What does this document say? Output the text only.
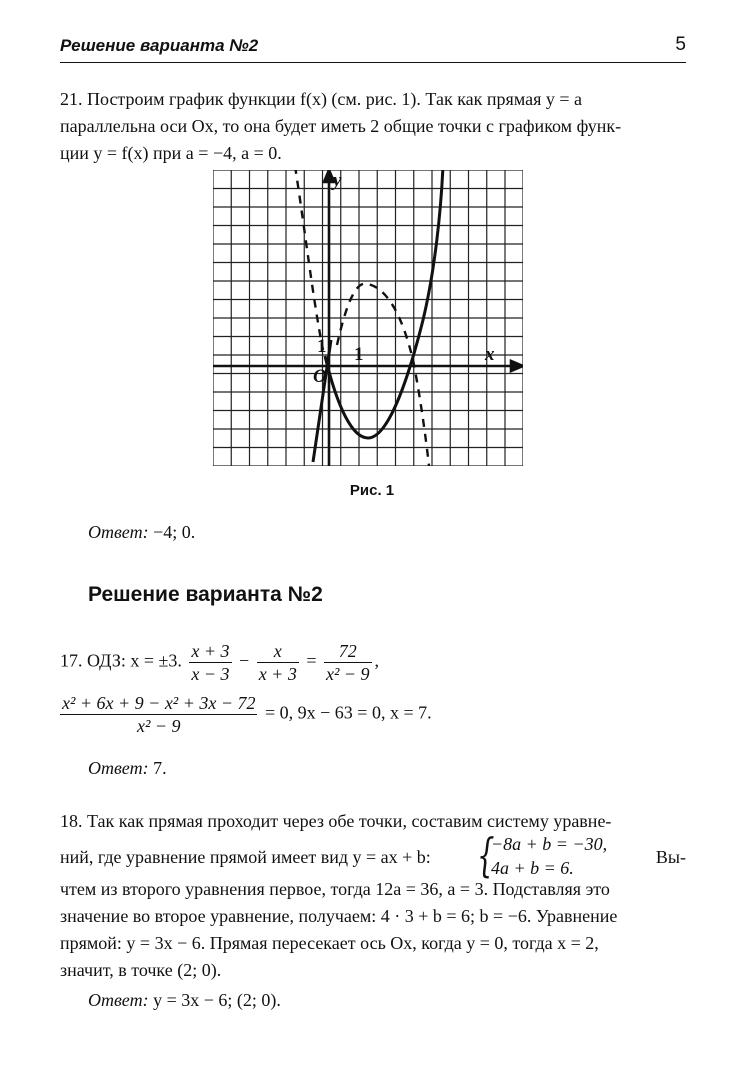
Решение варианта №2	5
21. Построим график функции f(x) (см. рис. 1). Так как прямая y = a
параллельна оси Ox, то она будет иметь 2 общие точки с графиком функ-
ции y = f(x) при a = −4, a = 0.
y
x
O
1
1
Рис. 1
Ответ: −4; 0.
Решение варианта №2
17. ОДЗ: x = ±3. $\frac{x + 3}{x - 3} - \frac{x}{x + 3} = \frac{72}{\text{x² − 9}}$ ,
$\frac{\text{x² + 6x + 9 − x² + 3x − 72}}{\text{x² − 9}} = 0$, 9x − 63 = 0, x = 7.
Ответ: 7.
18. Так как прямая проходит через обе точки, составим систему уравне-
ний, где уравнение прямой имеет вид y = ax + b: {
−8a + b = −30,
4a + b = 6.
Вы-
чтем из второго уравнения первое, тогда 12a = 36, a = 3. Подставляя это
значение во второе уравнение, получаем: 4 · 3 + b = 6; b = −6. Уравнение
прямой: y = 3x − 6. Прямая пересекает ось Ox, когда y = 0, тогда x = 2,
значит, в точке (2; 0).
Ответ: y = 3x − 6; (2; 0).
